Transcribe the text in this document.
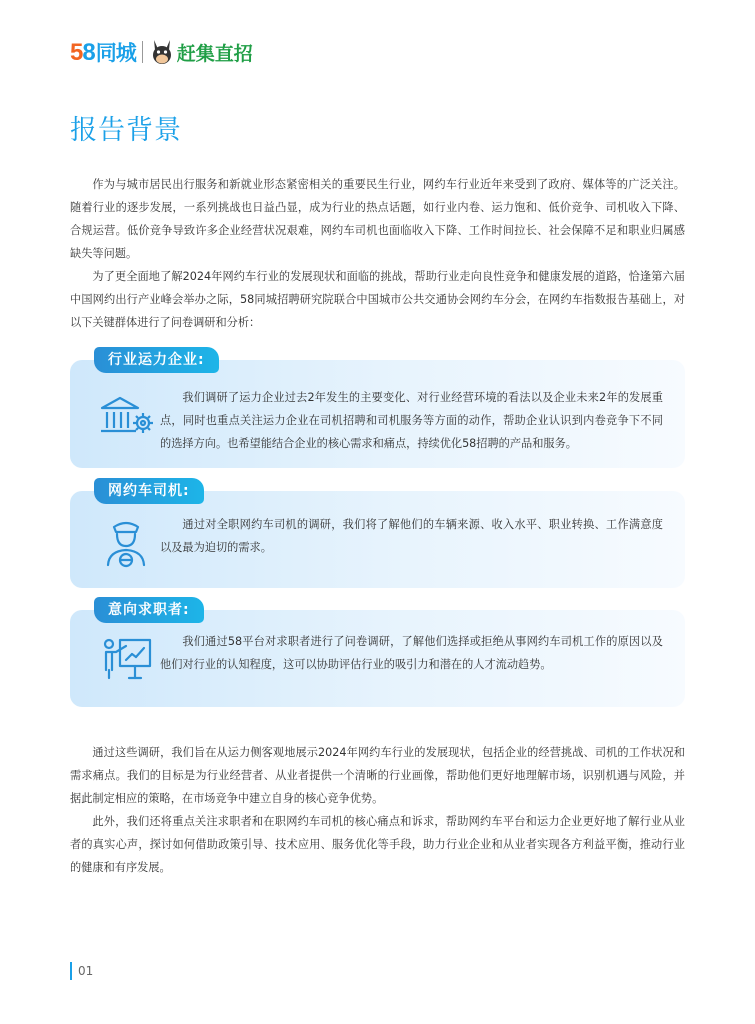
58同城 赶集直招
报告背景

作为与城市居民出行服务和新就业形态紧密相关的重要民生行业，网约车行业近年来受到了政府、媒体等的广泛关注。随着行业的逐步发展，一系列挑战也日益凸显，成为行业的热点话题，如行业内卷、运力饱和、低价竞争、司机收入下降、合规运营。低价竞争导致许多企业经营状况艰难，网约车司机也面临收入下降、工作时间拉长、社会保障不足和职业归属感缺失等问题。

为了更全面地了解2024年网约车行业的发展现状和面临的挑战，帮助行业走向良性竞争和健康发展的道路，恰逢第六届中国网约出行产业峰会举办之际，58同城招聘研究院联合中国城市公共交通协会网约车分会，在网约车指数报告基础上，对以下关键群体进行了问卷调研和分析：

行业运力企业:

我们调研了运力企业过去2年发生的主要变化、对行业经营环境的看法以及企业未来2年的发展重点，同时也重点关注运力企业在司机招聘和司机服务等方面的动作，帮助企业认识到内卷竞争下不同的选择方向。也希望能结合企业的核心需求和痛点，持续优化58招聘的产品和服务。

网约车司机:

通过对全职网约车司机的调研，我们将了解他们的车辆来源、收入水平、职业转换、工作满意度以及最为迫切的需求。

意向求职者:

我们通过58平台对求职者进行了问卷调研，了解他们选择或拒绝从事网约车司机工作的原因以及他们对行业的认知程度，这可以协助评估行业的吸引力和潜在的人才流动趋势。

通过这些调研，我们旨在从运力侧客观地展示2024年网约车行业的发展现状，包括企业的经营挑战、司机的工作状况和需求痛点。我们的目标是为行业经营者、从业者提供一个清晰的行业画像，帮助他们更好地理解市场，识别机遇与风险，并据此制定相应的策略，在市场竞争中建立自身的核心竞争优势。

此外，我们还将重点关注求职者和在职网约车司机的核心痛点和诉求，帮助网约车平台和运力企业更好地了解行业从业者的真实心声，探讨如何借助政策引导、技术应用、服务优化等手段，助力行业企业和从业者实现各方利益平衡，推动行业的健康和有序发展。

01
